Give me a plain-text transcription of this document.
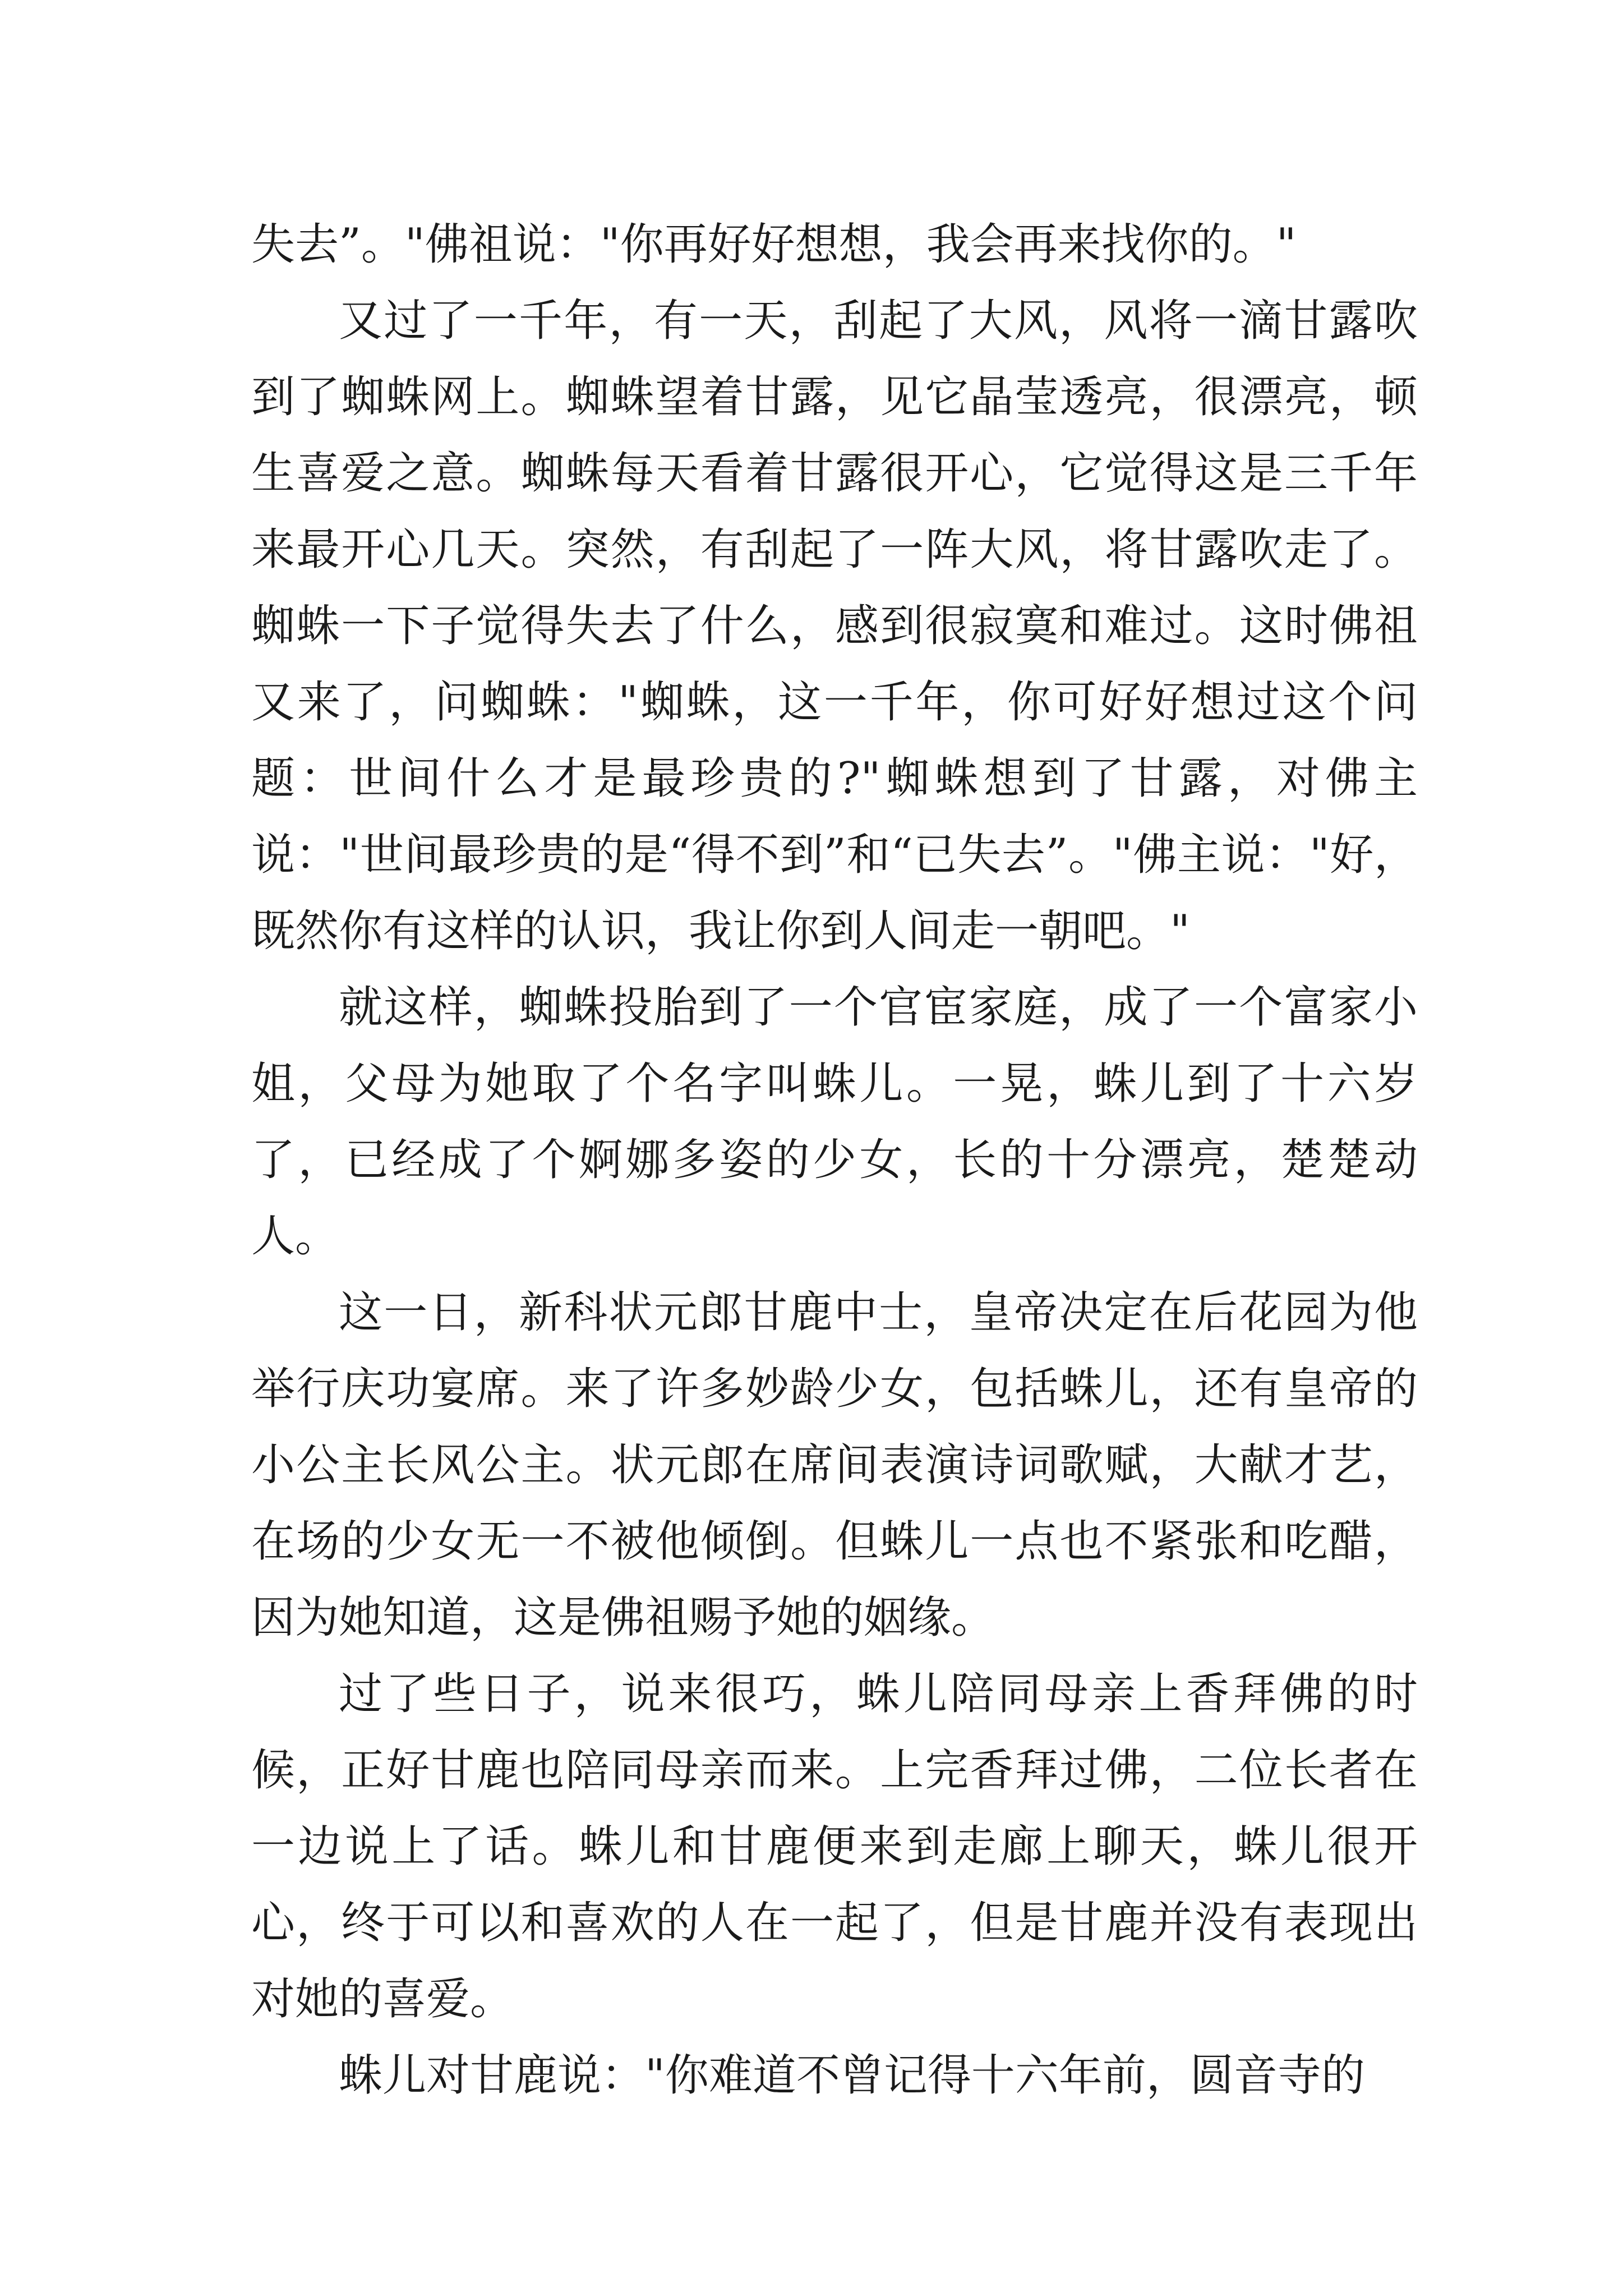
失去”。"佛祖说："你再好好想想，我会再来找你的。"

又过了一千年，有一天，刮起了大风，风将一滴甘露吹到了蜘蛛网上。蜘蛛望着甘露，见它晶莹透亮，很漂亮，顿生喜爱之意。蜘蛛每天看着甘露很开心，它觉得这是三千年来最开心几天。突然，有刮起了一阵大风，将甘露吹走了。蜘蛛一下子觉得失去了什么，感到很寂寞和难过。这时佛祖又来了，问蜘蛛："蜘蛛，这一千年，你可好好想过这个问题：世间什么才是最珍贵的?"蜘蛛想到了甘露，对佛主说："世间最珍贵的是“得不到”和“已失去”。"佛主说："好，既然你有这样的认识，我让你到人间走一朝吧。"

就这样，蜘蛛投胎到了一个官宦家庭，成了一个富家小姐，父母为她取了个名字叫蛛儿。一晃，蛛儿到了十六岁了，已经成了个婀娜多姿的少女，长的十分漂亮，楚楚动人。

这一日，新科状元郎甘鹿中士，皇帝决定在后花园为他举行庆功宴席。来了许多妙龄少女，包括蛛儿，还有皇帝的小公主长风公主。状元郎在席间表演诗词歌赋，大献才艺，在场的少女无一不被他倾倒。但蛛儿一点也不紧张和吃醋，因为她知道，这是佛祖赐予她的姻缘。

过了些日子，说来很巧，蛛儿陪同母亲上香拜佛的时候，正好甘鹿也陪同母亲而来。上完香拜过佛，二位长者在一边说上了话。蛛儿和甘鹿便来到走廊上聊天，蛛儿很开心，终于可以和喜欢的人在一起了，但是甘鹿并没有表现出对她的喜爱。

蛛儿对甘鹿说："你难道不曾记得十六年前，圆音寺的
